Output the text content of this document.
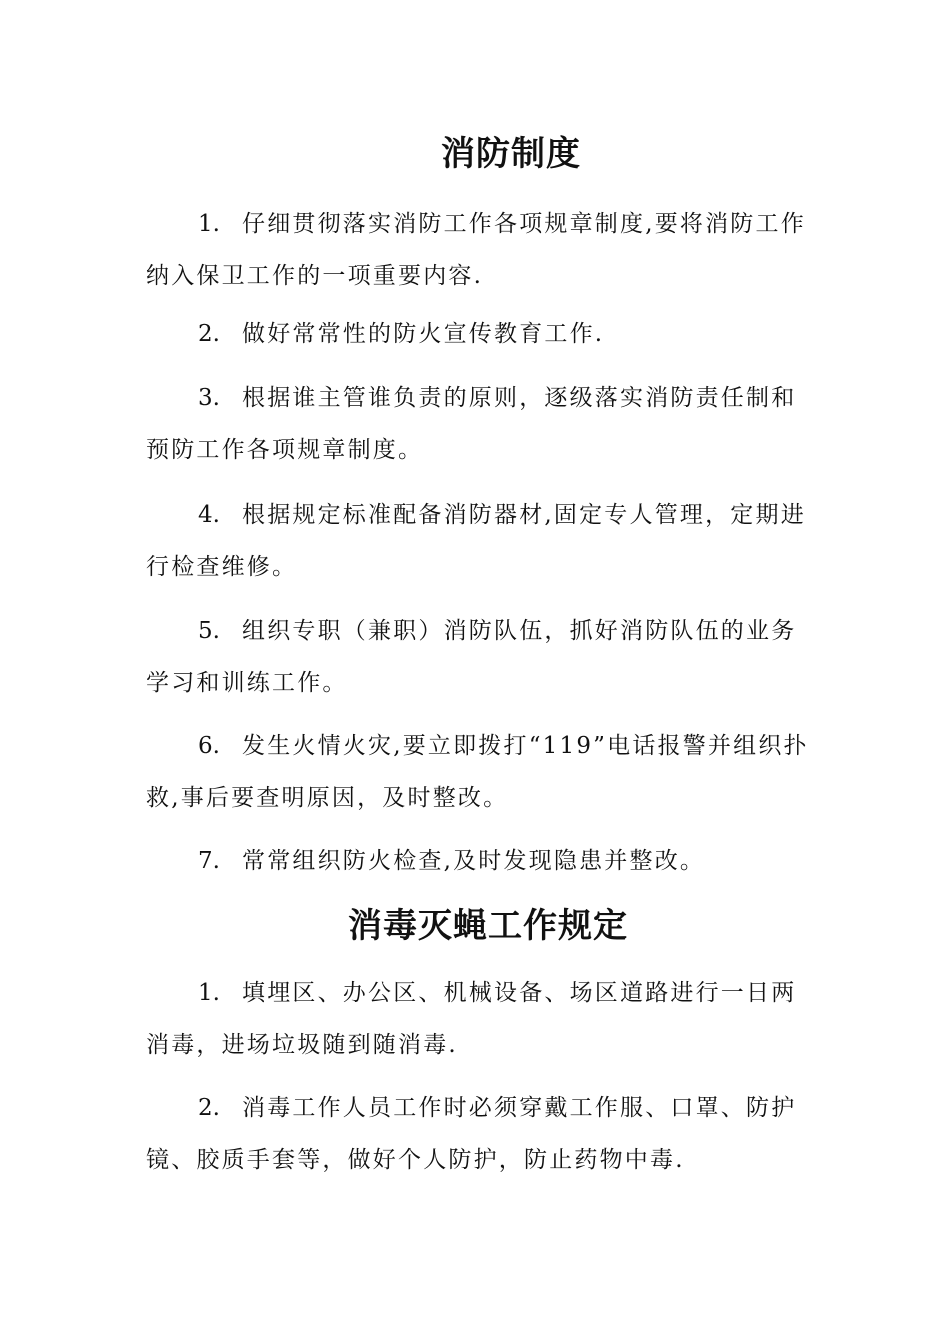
消防制度

1. 仔细贯彻落实消防工作各项规章制度,要将消防工作纳入保卫工作的一项重要内容.

2. 做好常常性的防火宣传教育工作.

3. 根据谁主管谁负责的原则，逐级落实消防责任制和预防工作各项规章制度。

4. 根据规定标准配备消防器材,固定专人管理，定期进行检查维修。

5. 组织专职（兼职）消防队伍，抓好消防队伍的业务学习和训练工作。

6. 发生火情火灾,要立即拨打“119”电话报警并组织扑救,事后要查明原因，及时整改。

7. 常常组织防火检查,及时发现隐患并整改。

消毒灭蝇工作规定

1. 填埋区、办公区、机械设备、场区道路进行一日两消毒，进场垃圾随到随消毒.

2. 消毒工作人员工作时必须穿戴工作服、口罩、防护镜、胶质手套等，做好个人防护，防止药物中毒.
